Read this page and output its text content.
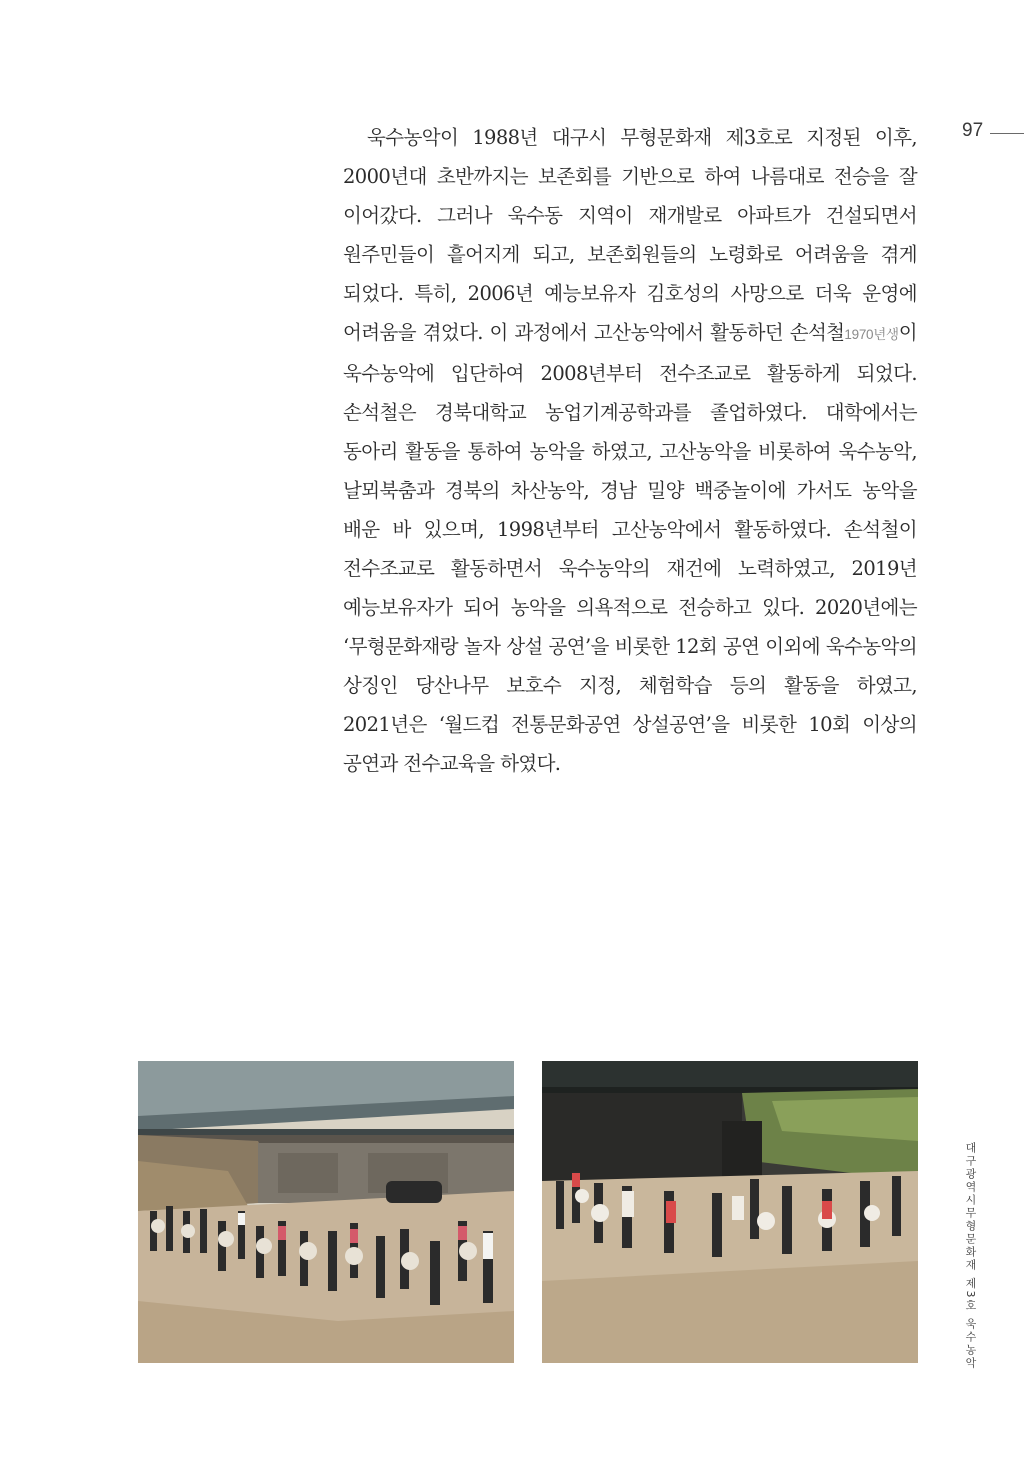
97

욱수농악이 1988년 대구시 무형문화재 제3호로 지정된 이후, 2000년대 초반까지는 보존회를 기반으로 하여 나름대로 전승을 잘 이어갔다. 그러나 욱수동 지역이 재개발로 아파트가 건설되면서 원주민들이 흩어지게 되고, 보존회원들의 노령화로 어려움을 겪게 되었다. 특히, 2006년 예능보유자 김호성의 사망으로 더욱 운영에 어려움을 겪었다. 이 과정에서 고산농악에서 활동하던 손석철1970년생이 욱수농악에 입단하여 2008년부터 전수조교로 활동하게 되었다. 손석철은 경북대학교 농업기계공학과를 졸업하였다. 대학에서는 동아리 활동을 통하여 농악을 하였고, 고산농악을 비롯하여 욱수농악, 날뫼북춤과 경북의 차산농악, 경남 밀양 백중놀이에 가서도 농악을 배운 바 있으며, 1998년부터 고산농악에서 활동하였다. 손석철이 전수조교로 활동하면서 욱수농악의 재건에 노력하였고, 2019년 예능보유자가 되어 농악을 의욕적으로 전승하고 있다. 2020년에는 ‘무형문화재랑 놀자 상설 공연’을 비롯한 12회 공연 이외에 욱수농악의 상징인 당산나무 보호수 지정, 체험학습 등의 활동을 하였고, 2021년은 ‘월드컵 전통문화공연 상설공연’을 비롯한 10회 이상의 공연과 전수교육을 하였다.

대구광역시무형문화재 제3호 욱수농악
